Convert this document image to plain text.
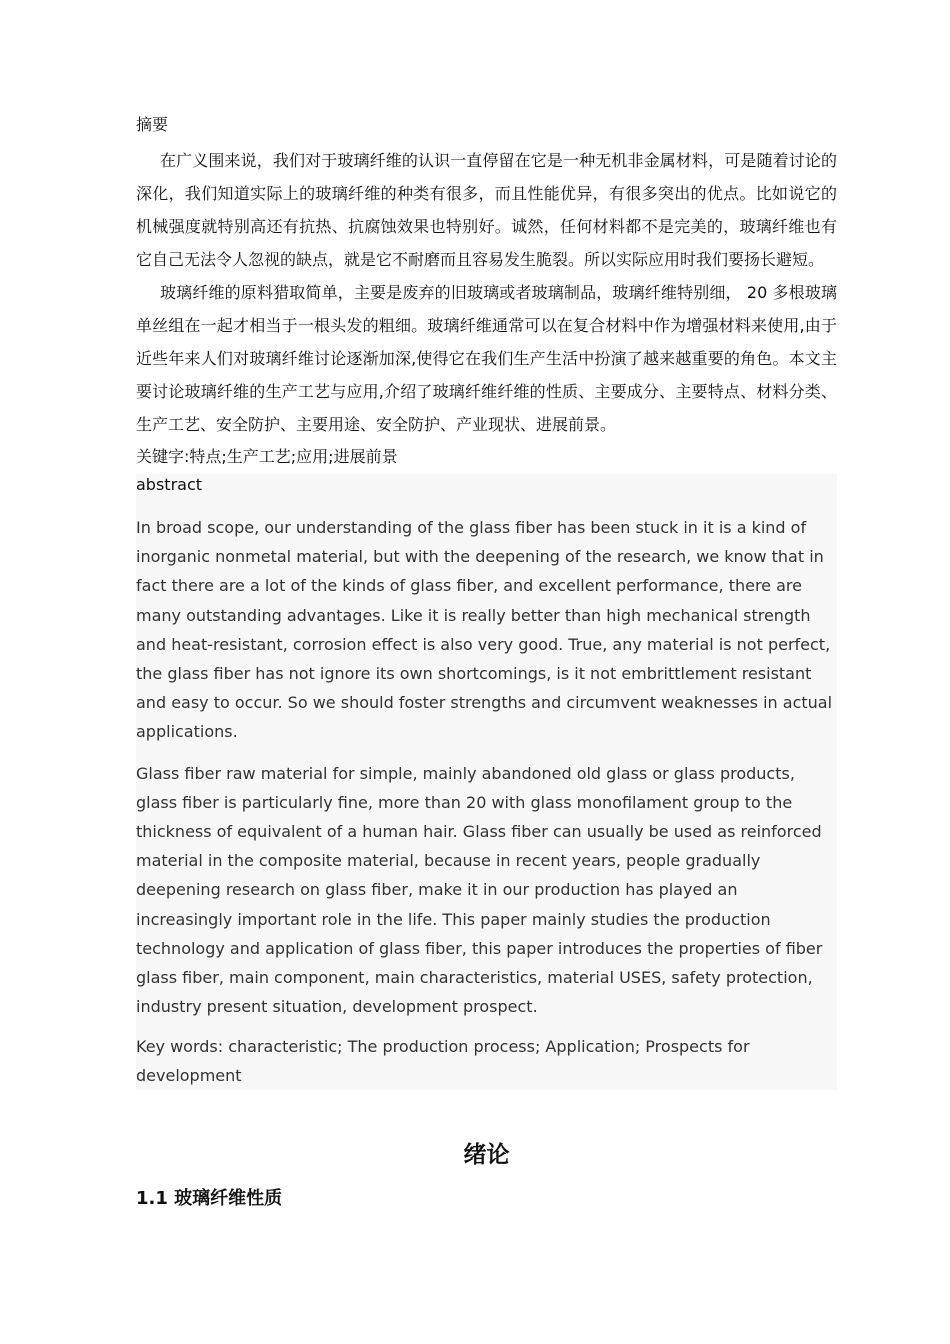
摘要

在广义围来说，我们对于玻璃纤维的认识一直停留在它是一种无机非金属材料，可是随着讨论的深化，我们知道实际上的玻璃纤维的种类有很多，而且性能优异，有很多突出的优点。比如说它的机械强度就特别高还有抗热、抗腐蚀效果也特别好。诚然，任何材料都不是完美的，玻璃纤维也有它自己无法令人忽视的缺点，就是它不耐磨而且容易发生脆裂。所以实际应用时我们要扬长避短。

玻璃纤维的原料猎取简单，主要是废弃的旧玻璃或者玻璃制品，玻璃纤维特别细， 20 多根玻璃单丝组在一起才相当于一根头发的粗细。玻璃纤维通常可以在复合材料中作为增强材料来使用,由于近些年来人们对玻璃纤维讨论逐渐加深,使得它在我们生产生活中扮演了越来越重要的角色。本文主要讨论玻璃纤维的生产工艺与应用,介绍了玻璃纤维纤维的性质、主要成分、主要特点、材料分类、生产工艺、安全防护、主要用途、安全防护、产业现状、进展前景。

关键字:特点;生产工艺;应用;进展前景

abstract

In broad scope, our understanding of the glass fiber has been stuck in it is a kind of inorganic nonmetal material, but with the deepening of the research, we know that in fact there are a lot of the kinds of glass fiber, and excellent performance, there are many outstanding advantages. Like it is really better than high mechanical strength and heat-resistant, corrosion effect is also very good. True, any material is not perfect, the glass fiber has not ignore its own shortcomings, is it not embrittlement resistant and easy to occur. So we should foster strengths and circumvent weaknesses in actual applications.

Glass fiber raw material for simple, mainly abandoned old glass or glass products, glass fiber is particularly fine, more than 20 with glass monofilament group to the thickness of equivalent of a human hair. Glass fiber can usually be used as reinforced material in the composite material, because in recent years, people gradually deepening research on glass fiber, make it in our production has played an increasingly important role in the life. This paper mainly studies the production technology and application of glass fiber, this paper introduces the properties of fiber glass fiber, main component, main characteristics, material USES, safety protection, industry present situation, development prospect.

Key words: characteristic; The production process; Application; Prospects for development

绪论
1.1 玻璃纤维性质
